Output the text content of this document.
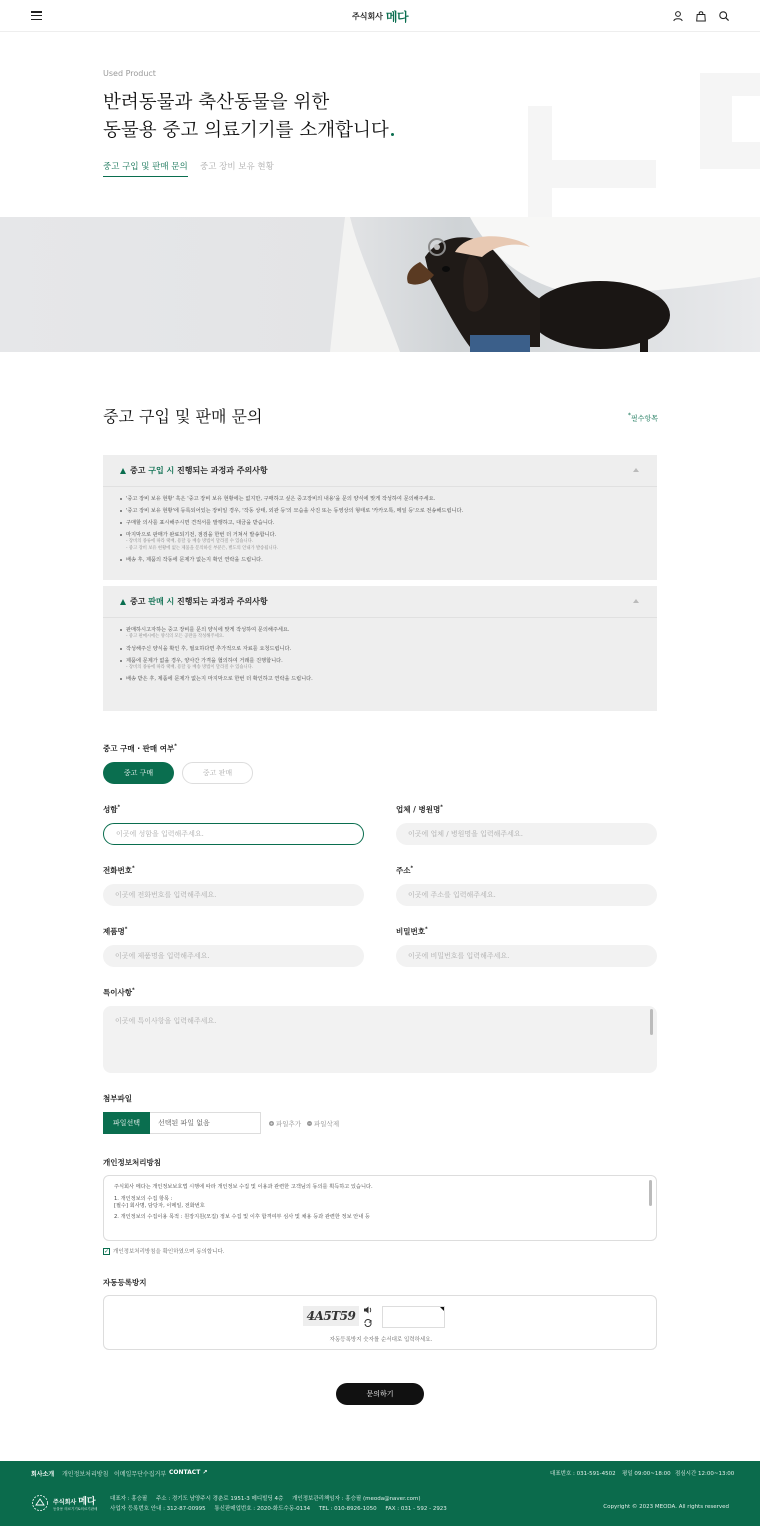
주식회사 메다
Used Product
반려동물과 축산동물을 위한
동물용 중고 의료기기를 소개합니다
중고 구입 및 판매 문의 중고 장비 보유 현황
중고 구입 및 판매 문의	*필수항목
중고
구입 시
진행되는 과정과 주의사항
'중고 장비 보유 현황' 혹은 '중고 장비 보유 현황에는 없지만, 구매하고 싶은 중고장비의 내용'을 문의 양식에 맞게 작성하여 문의해주세요.
'중고 장비 보유 현황'에 등록되어있는 장비일 경우, '작동 상태, 외관 등'의 모습을 사진 또는 동영상의 형태로 '카카오톡, 메일 등'으로 전송해드립니다.
구매할 의사를 표시해주시면 견적서를 발행하고, 대금을 받습니다.
마지막으로 판매가 완료되기전, 점검을 한번 더 거쳐서 발송합니다.
- 장비의 종류에 따라 택배, 용달 등 배송 방법이 달라질 수 있습니다.
- 중고 장비 보유 현황에 없는 제품을 문의하신 부분은, 별도의 안내가 발송됩니다.
배송 후, 제품의 작동에 문제가 없는지 확인 연락을 드립니다.
중고
판매 시
진행되는 과정과 주의사항
판매하시고자하는 중고 장비를 문의 양식에 맞게 작성하여 문의해주세요.
- 중고 판매시에는 양식의 모든 공란을 작성해주세요.
작성해주신 양식을 확인 후, 필요하다면 추가적으로 자료를 요청드립니다.
제품에 문제가 없을 경우, 양사간 가격을 협의하여 거래를 진행합니다.
- 장비의 종류에 따라 택배, 용달 등 배송 방법이 달라질 수 있습니다.
배송 받은 후, 제품에 문제가 없는지 마지막으로 한번 더 확인하고 연락을 드립니다.
중고 구매 · 판매 여부*
중고 구매	중고 판매
성함*
이곳에 성함을 입력해주세요.
업체 / 병원명*
이곳에 업체 / 병원명을 입력해주세요.
전화번호*
이곳에 전화번호를 입력해주세요.
주소*
이곳에 주소를 입력해주세요.
제품명*
이곳에 제품명을 입력해주세요.
비밀번호*
이곳에 비밀번호를 입력해주세요.
특이사항*
이곳에 특이사항을 입력해주세요.
첨부파일
파일선택	선택된 파일 없음	+ 파일추가 − 파일삭제
개인정보처리방침

주식회사 메다는 개인정보보호법 시행에 따라 개인정보 수집 및 이용과 관련한 고객님의 동의를 획득하고 있습니다.

1. 개인정보의 수집 항목 :

[필수] 회사명, 담당자, 이메일, 전화번호

2. 개인정보의 수집이용 목적 : 원장지원(모집) 정보 수집 및 이후 합격여부 심사 및 채용 등과 관련한 정보 안내 등

✓ 개인정보처리방침을 확인하였으며 동의합니다.
자동등록방지
4A5T59
자동등록방지 숫자를 순서대로 입력하세요.
문의하기
회사소개 개인정보처리방침 이메일무단수집거부 CONTACT ↗	대표번호 : 031-591-4502 평일 09:00~18:00 점심시간 12:00~13:00
주식회사 메다
동물용 의료기기&의료기판매
대표자 : 홍승필     주소 : 경기도 남양주시 경춘로 1951-3 메디빌딩 4층     개인정보관리책임자 : 홍승필 (meoda@naver.com)
사업자 등록번호 안내 : 312-87-00995     통신판매업번호 : 2020-화도수동-0134     TEL : 010-8926-1050     FAX : 031 - 592 - 2923	Copyright © 2023 MEODA. All rights reserved
